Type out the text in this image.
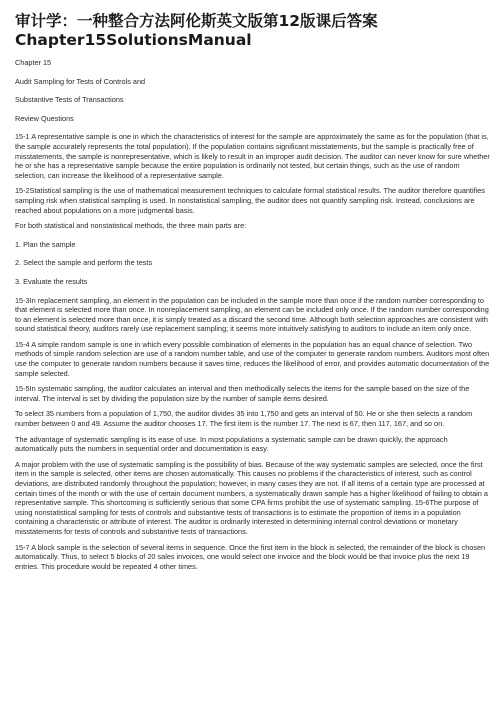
审计学：一种整合方法阿伦斯英文版第12版课后答案
Chapter15SolutionsManual

Chapter 15

Audit Sampling for Tests of Controls and

Substantive Tests of Transactions

Review Questions

15-1 A representative sample is one in which the characteristics of interest for the sample are approximately the same as for the population (that is, the sample accurately represents the total population). If the population contains significant misstatements, but the sample is practically free of misstatements, the sample is nonrepresentative, which is likely to result in an improper audit decision. The auditor can never know for sure whether he or she has a representative sample because the entire population is ordinarily not tested, but certain things, such as the use of random selection, can increase the likelihood of a representative sample.

15-2Statistical sampling is the use of mathematical measurement techniques to calculate formal statistical results. The auditor therefore quantifies sampling risk when statistical sampling is used. In nonstatistical sampling, the auditor does not quantify sampling risk. Instead, conclusions are reached about populations on a more judgmental basis.

For both statistical and nonstatistical methods, the three main parts are:

1. Plan the sample

2. Select the sample and perform the tests

3. Evaluate the results

15-3In replacement sampling, an element in the population can be included in the sample more than once if the random number corresponding to that element is selected more than once. In nonreplacement sampling, an element can be included only once. If the random number corresponding to an element is selected more than once, it is simply treated as a discard the second time. Although both selection approaches are consistent with sound statistical theory, auditors rarely use replacement sampling; it seems more intuitively satisfying to auditors to include an item only once.

15-4 A simple random sample is one in which every possible combination of elements in the population has an equal chance of selection. Two methods of simple random selection are use of a random number table, and use of the computer to generate random numbers. Auditors most often use the computer to generate random numbers because it saves time, reduces the likelihood of error, and provides automatic documentation of the sample selected.

15-5In systematic sampling, the auditor calculates an interval and then methodically selects the items for the sample based on the size of the interval. The interval is set by dividing the population size by the number of sample items desired.

To select 35 numbers from a population of 1,750, the auditor divides 35 into 1,750 and gets an interval of 50. He or she then selects a random number between 0 and 49. Assume the auditor chooses 17. The first item is the number 17. The next is 67, then 117, 167, and so on.

The advantage of systematic sampling is its ease of use. In most populations a systematic sample can be drawn quickly, the approach automatically puts the numbers in sequential order and documentation is easy.

A major problem with the use of systematic sampling is the possibility of bias. Because of the way systematic samples are selected, once the first item in the sample is selected, other items are chosen automatically. This causes no problems if the characteristics of interest, such as control deviations, are distributed randomly throughout the population; however, in many cases they are not. If all items of a certain type are processed at certain times of the month or with the use of certain document numbers, a systematically drawn sample has a higher likelihood of failing to obtain a representative sample. This shortcoming is sufficiently serious that some CPA firms prohibit the use of systematic sampling. 15-6The purpose of using nonstatistical sampling for tests of controls and substantive tests of transactions is to estimate the proportion of items in a population containing a characteristic or attribute of interest. The auditor is ordinarily interested in determining internal control deviations or monetary misstatements for tests of controls and substantive tests of transactions.

15-7 A block sample is the selection of several items in sequence. Once the first item in the block is selected, the remainder of the block is chosen automatically. Thus, to select 5 blocks of 20 sales invoices, one would select one invoice and the block would be that invoice plus the next 19 entries. This procedure would be repeated 4 other times.
